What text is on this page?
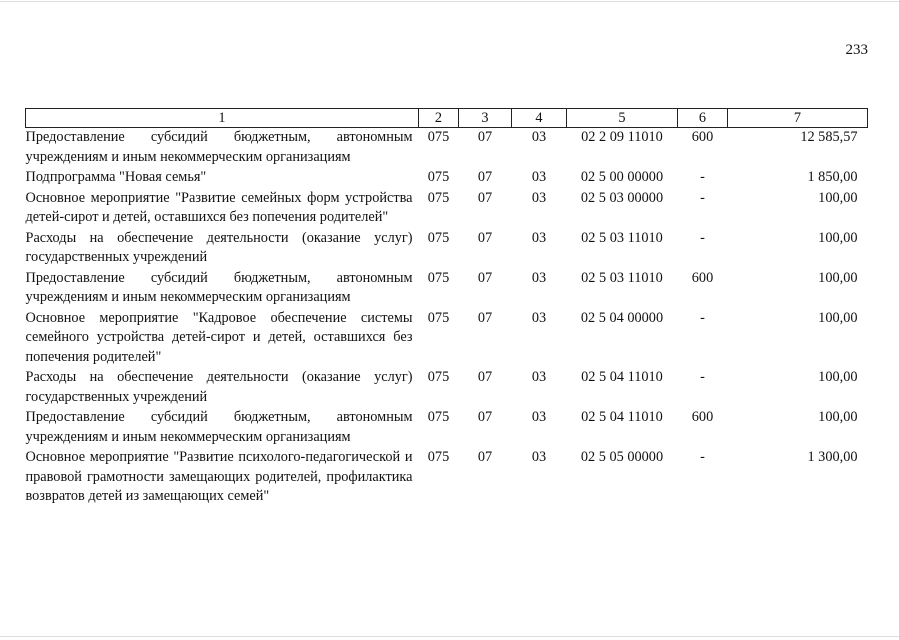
233
1	2	3	4	5	6	7
Предоставление субсидий бюджетным, автономным учреждениям и иным некоммерческим организациям	075	07	03	02 2 09 11010	600	12 585,57
Подпрограмма "Новая семья"	075	07	03	02 5 00 00000	-	1 850,00
Основное мероприятие "Развитие семейных форм устройства детей-сирот и детей, оставшихся без попечения родителей"	075	07	03	02 5 03 00000	-	100,00
Расходы на обеспечение деятельности (оказание услуг) государственных учреждений	075	07	03	02 5 03 11010	-	100,00
Предоставление субсидий бюджетным, автономным учреждениям и иным некоммерческим организациям	075	07	03	02 5 03 11010	600	100,00
Основное мероприятие "Кадровое обеспечение системы семейного устройства детей-сирот и детей, оставшихся без попечения родителей"	075	07	03	02 5 04 00000	-	100,00
Расходы на обеспечение деятельности (оказание услуг) государственных учреждений	075	07	03	02 5 04 11010	-	100,00
Предоставление субсидий бюджетным, автономным учреждениям и иным некоммерческим организациям	075	07	03	02 5 04 11010	600	100,00
Основное мероприятие "Развитие психолого-педагогической и правовой грамотности замещающих родителей, профилактика возвратов детей из замещающих семей"	075	07	03	02 5 05 00000	-	1 300,00
